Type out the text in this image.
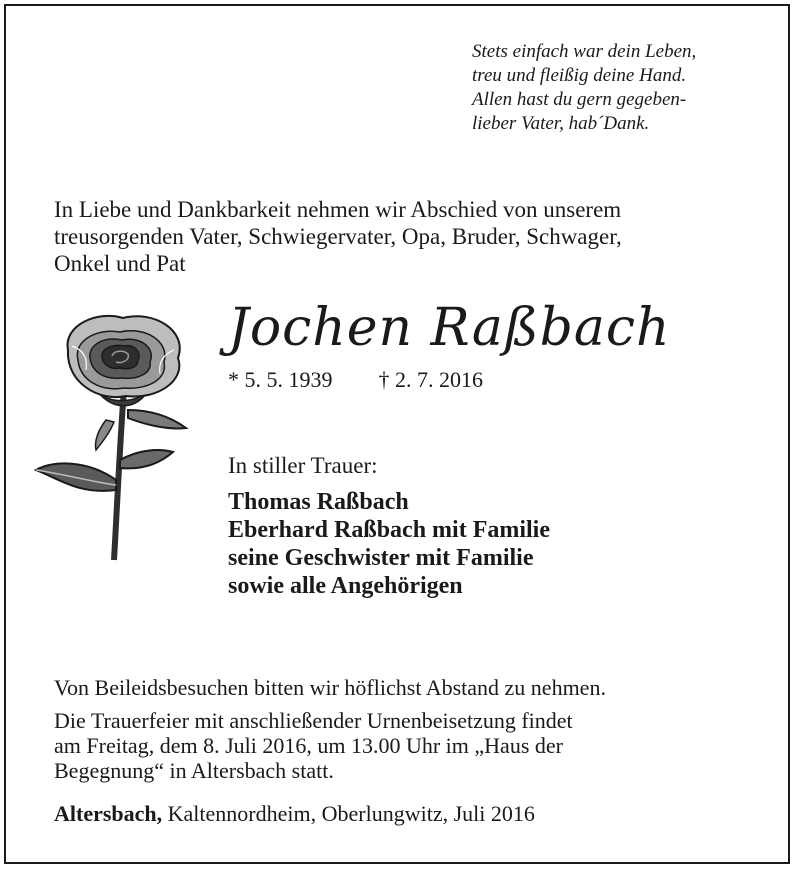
Stets einfach war dein Leben,
treu und fleißig deine Hand.
Allen hast du gern gegeben-
lieber Vater, hab´Dank.
In Liebe und Dankbarkeit nehmen wir Abschied von unserem
treusorgenden Vater, Schwiegervater, Opa, Bruder, Schwager,
Onkel und Pat
Jochen Raßbach
* 5. 5. 1939 † 2. 7. 2016
In stiller Trauer:
Thomas Raßbach
Eberhard Raßbach mit Familie
seine Geschwister mit Familie
sowie alle Angehörigen
Von Beileidsbesuchen bitten wir höflichst Abstand zu nehmen.
Die Trauerfeier mit anschließender Urnenbeisetzung findet
am Freitag, dem 8. Juli 2016, um 13.00 Uhr im „Haus der
Begegnung“ in Altersbach statt.
Altersbach, Kaltennordheim, Oberlungwitz, Juli 2016
